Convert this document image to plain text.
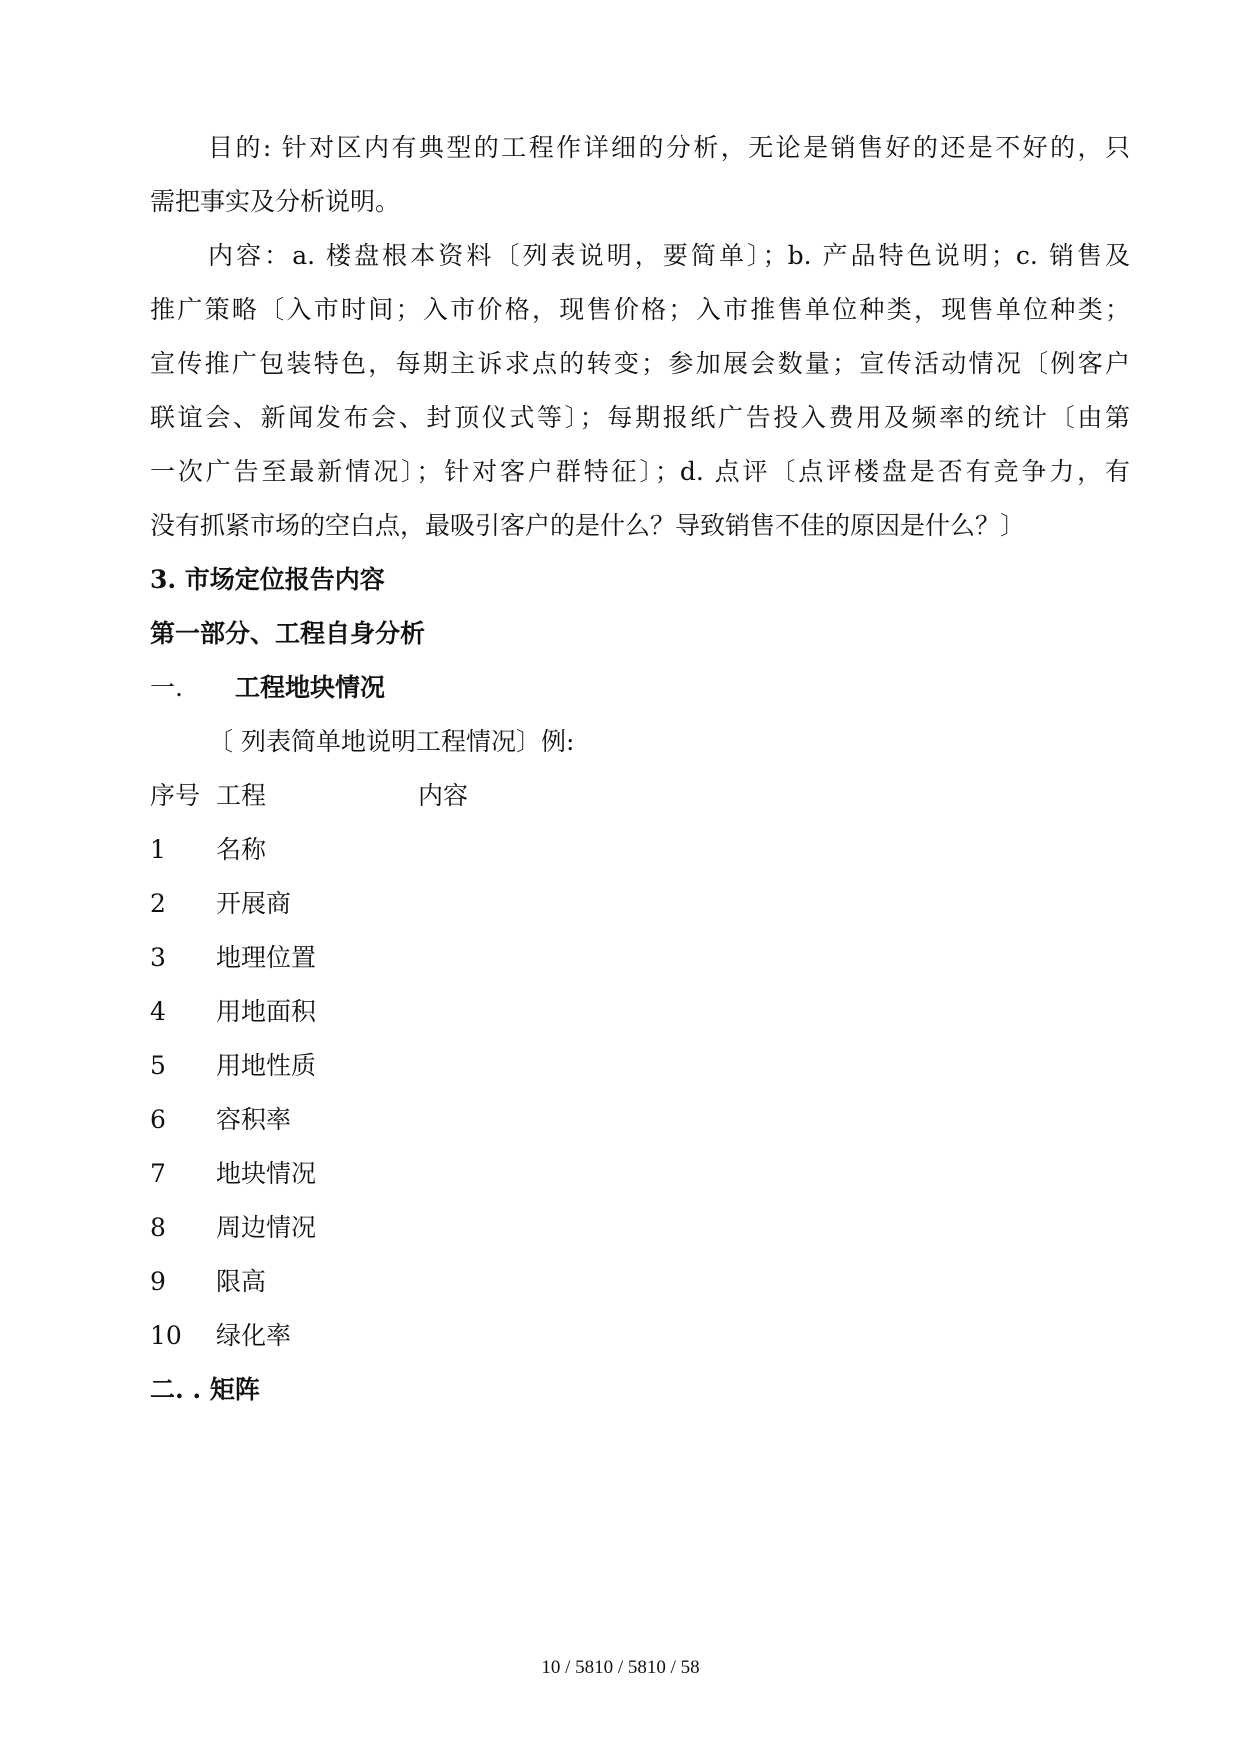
目的: 针对区内有典型的工程作详细的分析，无论是销售好的还是不好的，只
需把事实及分析说明。
内容：a. 楼盘根本资料〔列表说明，要简单〕；b. 产品特色说明；c. 销售及
推广策略〔入市时间；入市价格，现售价格；入市推售单位种类，现售单位种类；
宣传推广包装特色，每期主诉求点的转变；参加展会数量；宣传活动情况〔例客户
联谊会、新闻发布会、封顶仪式等〕；每期报纸广告投入费用及频率的统计〔由第
一次广告至最新情况〕；针对客户群特征〕；d. 点评〔点评楼盘是否有竞争力，有
没有抓紧市场的空白点，最吸引客户的是什么？导致销售不佳的原因是什么？〕
3. 市场定位报告内容
第一部分、工程自身分析
一. 工程地块情况
〔 列表简单地说明工程情况〕例:
序号 工程	内容
1 名称
2 开展商
3 地理位置
4 用地面积
5 用地性质
6 容积率
7 地块情况
8 周边情况
9 限高
10 绿化率
二. . 矩阵
10 / 5810 / 5810 / 58
